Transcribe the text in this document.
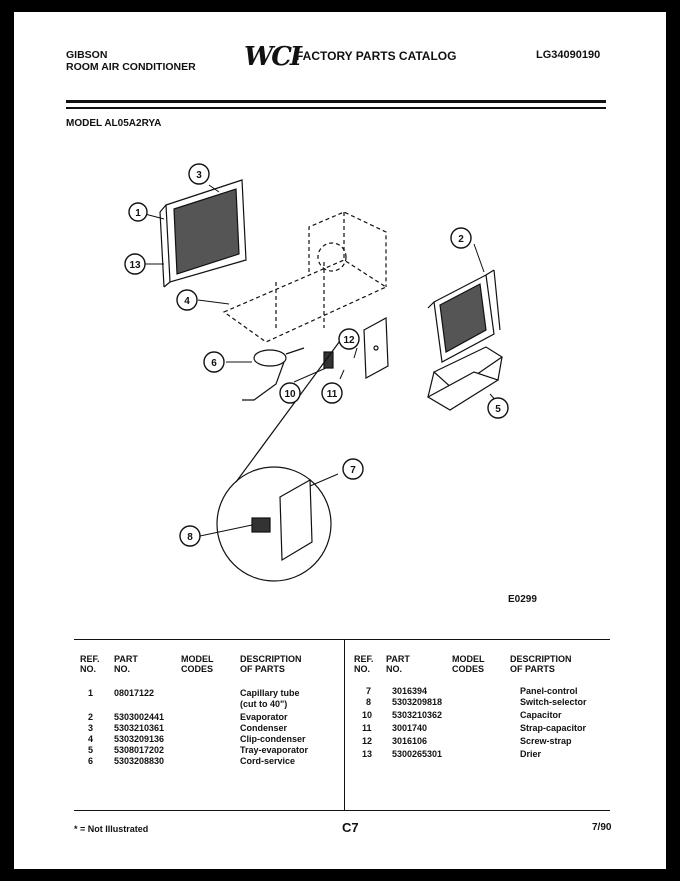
GIBSON
ROOM AIR CONDITIONER WCI
FACTORY PARTS CATALOG	LG34090190
MODEL AL05A2RYA
3
1
13
4
2
5
6
12
11
10
7
8
E0299
REF.
NO.
PART
NO.
MODEL
CODES
DESCRIPTION
OF PARTS
REF.
NO.
PART
NO.
MODEL
CODES
DESCRIPTION
OF PARTS
1 08017122	Capillary tube
(cut to 40")
2 5303002441	Evaporator
3 5303210361	Condenser
4 5303209136	Clip-condenser
5 5308017202	Tray-evaporator
6 5303208830	Cord-service
7 3016394	Panel-control
8 5303209818	Switch-selector
10 5303210362	Capacitor
11 3001740	Strap-capacitor
12 3016106	Screw-strap
13 5300265301	Drier
* = Not Illustrated	C7	7/90
